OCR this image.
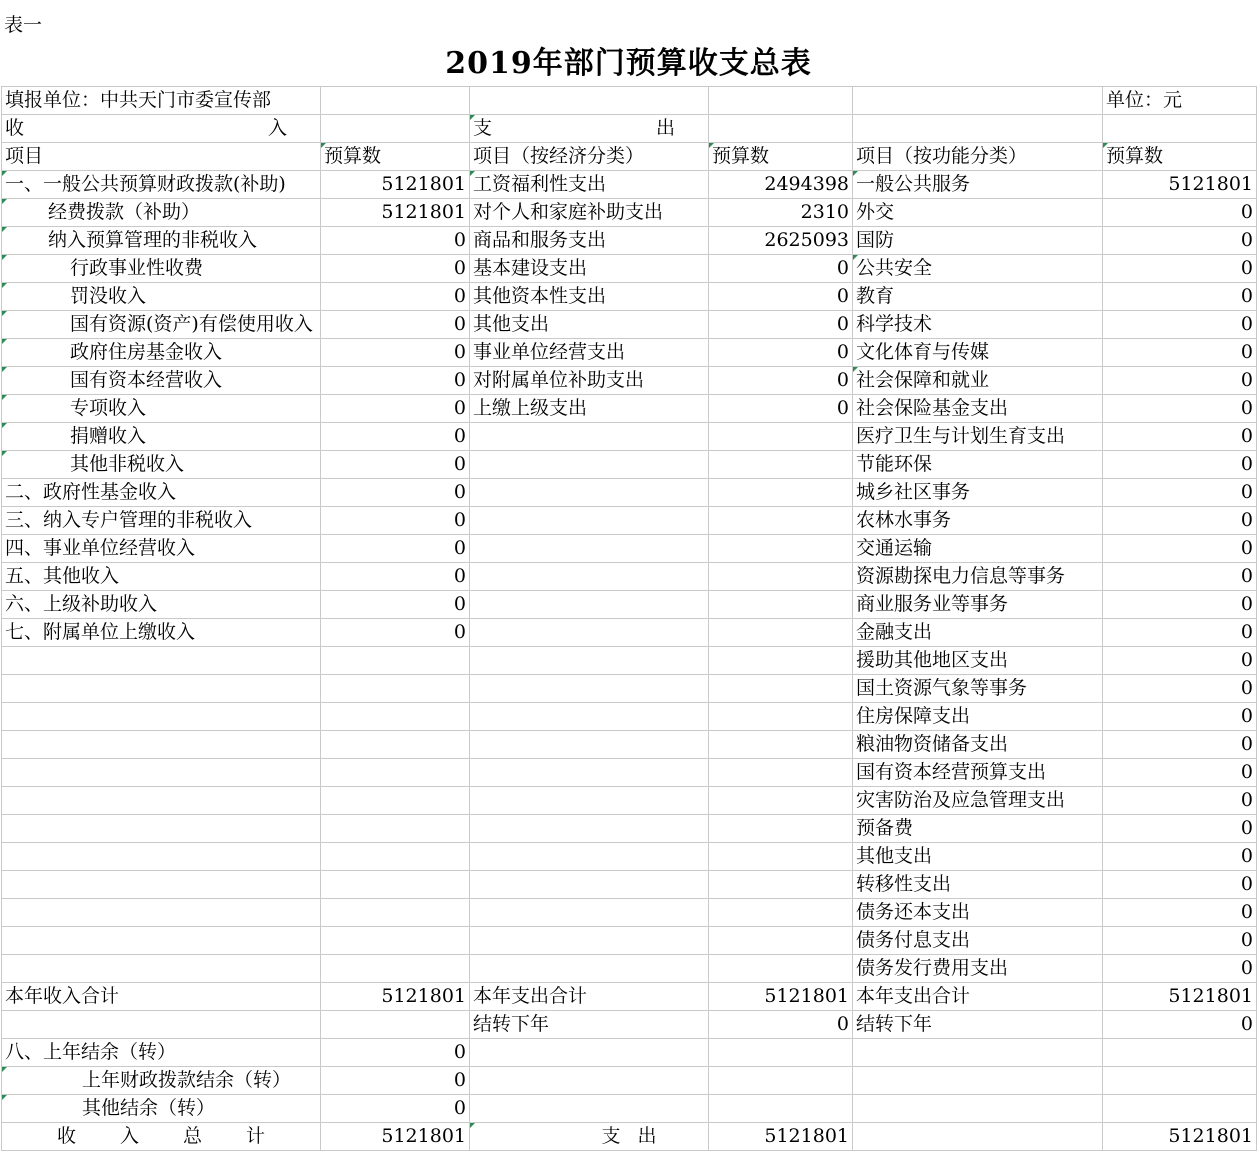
表一
2019年部门预算收支总表
填报单位：中共天门市委宣传部					单位：元

收 入		支 出			

项目	预算数	项目（按经济分类）	预算数	项目（按功能分类）	预算数
一、一般公共预算财政拨款(补助)	5121801	工资福利性支出	2494398	一般公共服务	5121801
经费拨款（补助）	5121801	对个人和家庭补助支出	2310	外交	0
纳入预算管理的非税收入	0	商品和服务支出	2625093	国防	0
行政事业性收费	0	基本建设支出	0	公共安全	0
罚没收入	0	其他资本性支出	0	教育	0
国有资源(资产)有偿使用收入	0	其他支出	0	科学技术	0
政府住房基金收入	0	事业单位经营支出	0	文化体育与传媒	0
国有资本经营收入	0	对附属单位补助支出	0	社会保障和就业	0
专项收入	0	上缴上级支出	0	社会保险基金支出	0
捐赠收入	0			医疗卫生与计划生育支出	0
其他非税收入	0			节能环保	0
二、政府性基金收入	0			城乡社区事务	0
三、纳入专户管理的非税收入	0			农林水事务	0
四、事业单位经营收入	0			交通运输	0
五、其他收入	0			资源勘探电力信息等事务	0
六、上级补助收入	0			商业服务业等事务	0
七、附属单位上缴收入	0			金融支出	0
				援助其他地区支出	0
				国土资源气象等事务	0
				住房保障支出	0
				粮油物资储备支出	0
				国有资本经营预算支出	0
				灾害防治及应急管理支出	0
				预备费	0
				其他支出	0
				转移性支出	0
				债务还本支出	0
				债务付息支出	0
				债务发行费用支出	0
本年收入合计	5121801	本年支出合计	5121801	本年支出合计	5121801
		结转下年	0	结转下年	0
八、上年结余（转）	0				
上年财政拨款结余（转）	0				
其他结余（转）	0				

收 入 总 计	5121801	支 出	5121801		5121801
